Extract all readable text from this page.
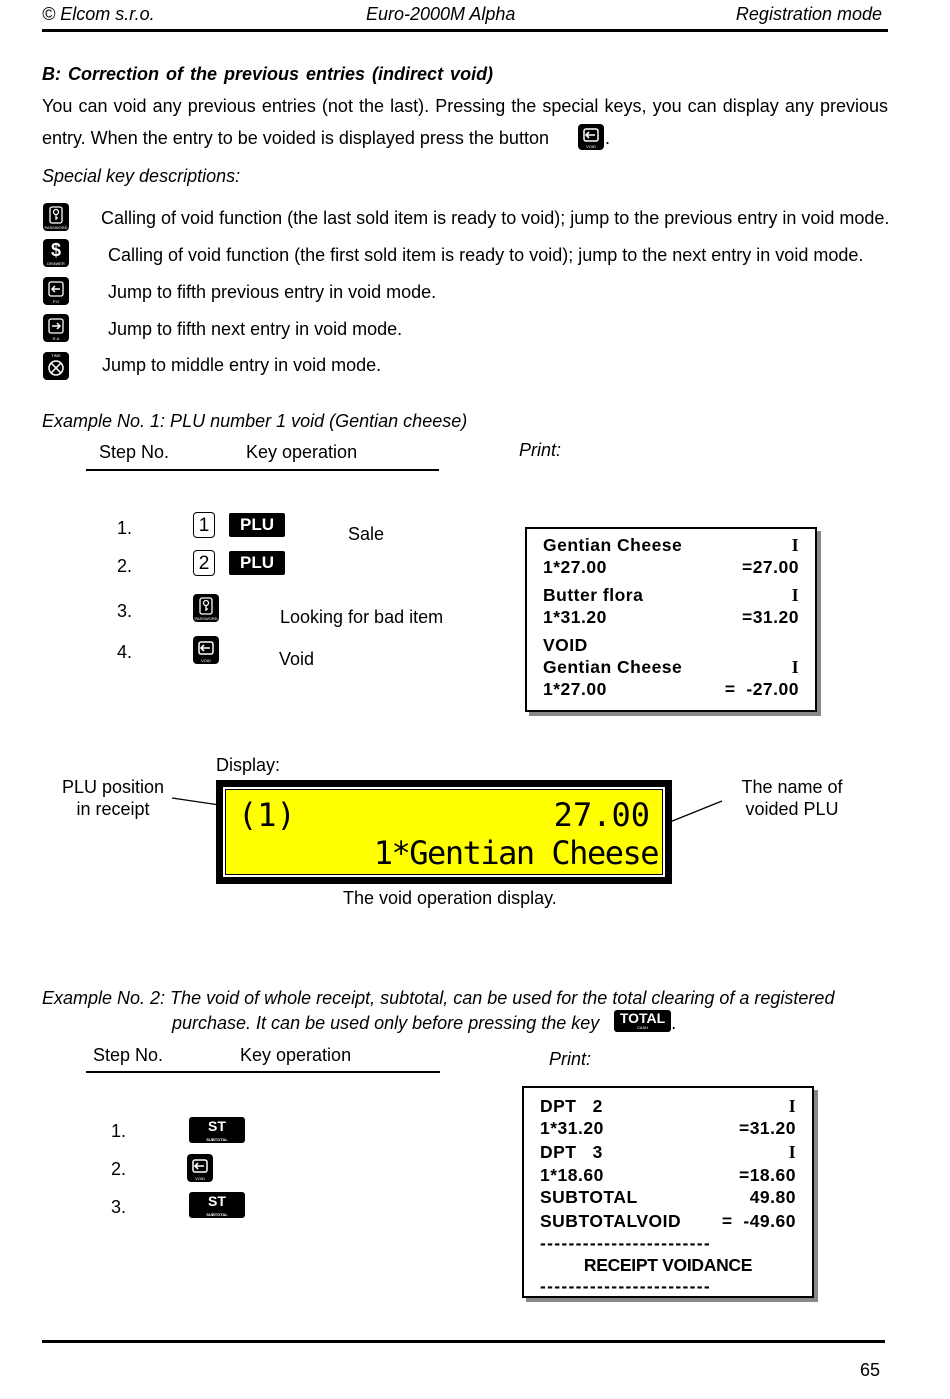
© Elcom s.r.o.	Euro-2000M Alpha	Registration mode
B: Correction of the previous entries (indirect void)
You can void any previous entries (not the last). Pressing the special keys, you can display any previous
entry. When the entry to be voided is displayed press the button	VOID .
Special key descriptions:
PASSWORD Calling of void function (the last sold item is ready to void); jump to the previous entry in void mode.
$
DRAWER Calling of void function (the first sold item is ready to void); jump to the next entry in void mode.
P.O	Jump to fifth previous entry in void mode.
R.A	Jump to fifth next entry in void mode.
TIME	Jump to middle entry in void mode.
Example No. 1: PLU number 1 void (Gentian cheese)
Step No.	Key operation	Print:
1.	1	PLU	Sale
2.	2	PLU
3.	PASSWORD	Looking for bad item
4.	VOID	Void
Gentian Cheese	I
1*27.00	=27.00
Butter flora	I
1*31.20	=31.20
VOID
Gentian Cheese	I
1*27.00	=  -27.00
Display:
PLU position
in receipt
The name of
voided PLU
(1)	27.00
1*Gentian Cheese
The void operation display.
Example No. 2: The void of whole receipt, subtotal, can be used for the total clearing of a registered
purchase. It can be used only before pressing the key	TOTAL
CASH	.
Step No.	Key operation	Print:
1.	ST
SUBTOTAL
2.	VOID
3.	ST
SUBTOTAL
DPT   2	I
1*31.20	=31.20
DPT   3	I
1*18.60	=18.60
SUBTOTAL	49.80
SUBTOTALVOID =  -49.60
------------------------
RECEIPT VOIDANCE
------------------------
65
